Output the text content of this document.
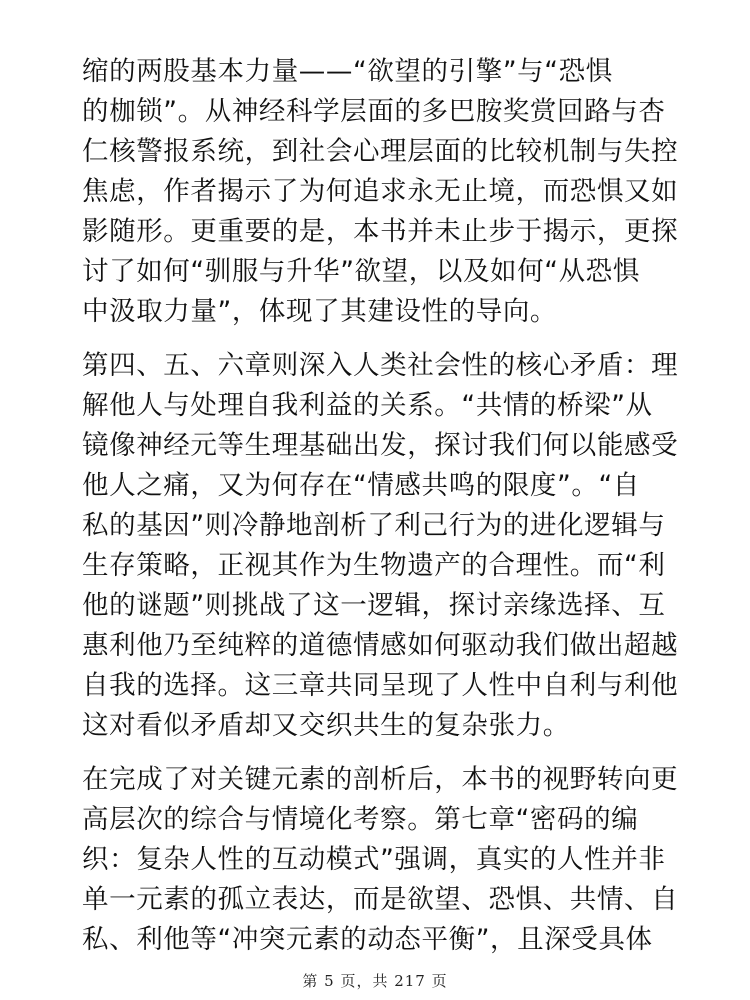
缩的两股基本力量——“欲望的引擎”与“恐惧
的枷锁”。从神经科学层面的多巴胺奖赏回路与杏
仁核警报系统，到社会心理层面的比较机制与失控
焦虑，作者揭示了为何追求永无止境，而恐惧又如
影随形。更重要的是，本书并未止步于揭示，更探
讨了如何“驯服与升华”欲望，以及如何“从恐惧
中汲取力量”，体现了其建设性的导向。
第四、五、六章则深入人类社会性的核心矛盾：理
解他人与处理自我利益的关系。“共情的桥梁”从
镜像神经元等生理基础出发，探讨我们何以能感受
他人之痛，又为何存在“情感共鸣的限度”。“自
私的基因”则冷静地剖析了利己行为的进化逻辑与
生存策略，正视其作为生物遗产的合理性。而“利
他的谜题”则挑战了这一逻辑，探讨亲缘选择、互
惠利他乃至纯粹的道德情感如何驱动我们做出超越
自我的选择。这三章共同呈现了人性中自利与利他
这对看似矛盾却又交织共生的复杂张力。
在完成了对关键元素的剖析后，本书的视野转向更
高层次的综合与情境化考察。第七章“密码的编
织：复杂人性的互动模式”强调，真实的人性并非
单一元素的孤立表达，而是欲望、恐惧、共情、自
私、利他等“冲突元素的动态平衡”，且深受具体
第 5 页，共 217 页
